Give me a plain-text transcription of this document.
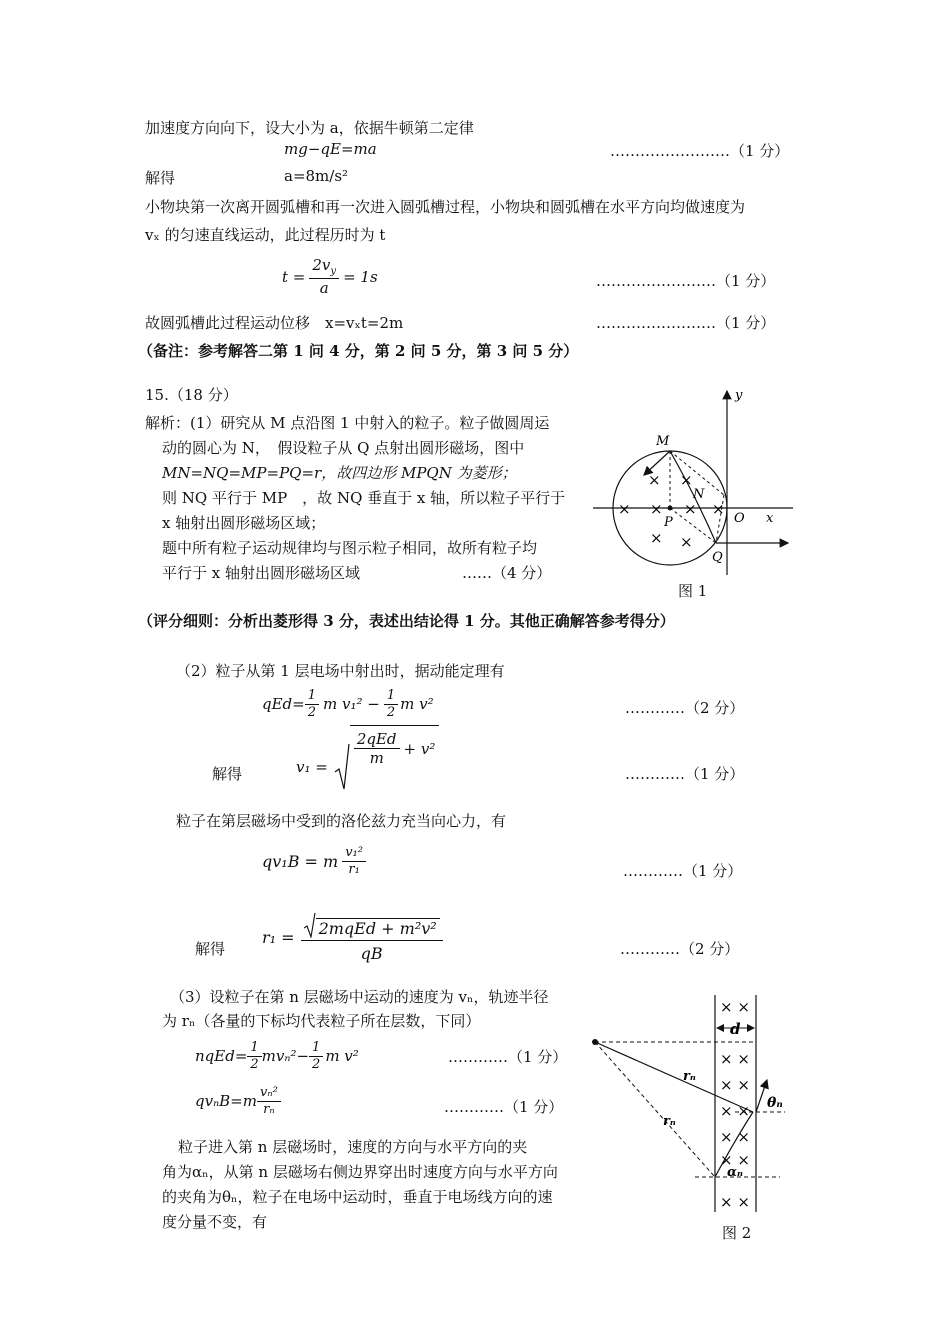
加速度方向向下，设大小为 a，依据牛顿第二定律
mg−qE=ma	……………………（1 分）
解得	a=8m/s²
小物块第一次离开圆弧槽和再一次进入圆弧槽过程，小物块和圆弧槽在水平方向均做速度为
vₓ 的匀速直线运动，此过程历时为 t
$t = \frac{2v_y}{a} = 1s$	……………………（1 分）
故圆弧槽此过程运动位移　x=vₓt=2m	……………………（1 分）
（备注：参考解答二第 1 问 4 分，第 2 问 5 分，第 3 问 5 分）
15.（18 分）
解析：(1）研究从 M 点沿图 1 中射入的粒子。粒子做圆周运
动的圆心为 N，　假设粒子从 Q 点射出圆形磁场，图中
MN=NQ=MP=PQ=r，故四边形 MPQN 为菱形；
则 NQ 平行于 MP　，故 NQ 垂直于 x 轴，所以粒子平行于
x 轴射出圆形磁场区域；
题中所有粒子运动规律均与图示粒子相同，故所有粒子均
平行于 x 轴射出圆形磁场区域	……（4 分）
y
x
O
M
N
P
Q
× ×
× × × ×
× ×
图 1
（评分细则：分析出菱形得 3 分，表述出结论得 1 分。其他正确解答参考得分）
（2）粒子从第 1 层电场中射出时，据动能定理有
$qEd= \frac{1}{2}$ m $v_1^2 - \frac{1}{2}$ m v²	…………（2 分）
解得	$v_1 = \frac{\text{2qEd}}{m} + v^2$
…………（1 分）
粒子在第层磁场中受到的洛伦兹力充当向心力，有
qv₁B = m $\frac{\text{v₁²}}{\text{r₁}}$	…………（1 分）
解得
r₁ = 2mqEd + m²v²
qB	…………（2 分）
（3）设粒子在第 n 层磁场中运动的速度为 vₙ，轨迹半径
为 rₙ（各量的下标均代表粒子所在层数，下同）
nqEd= $\frac{1}{2} mv_n^2- \frac{1}{2}$ m v²	…………（1 分）
$qv_nB=m \frac{\text{vₙ²}}{\text{rₙ}}$	…………（1 分）
粒子进入第 n 层磁场时，速度的方向与水平方向的夹
角为αₙ，从第 n 层磁场右侧边界穿出时速度方向与水平方向
的夹角为θₙ，粒子在电场中运动时，垂直于电场线方向的速
度分量不变，有
d
rₙ
rₙ
θₙ
αₙ
× ×
× ×
× ×
× ×
× ×
× ×
× ×
图 2
